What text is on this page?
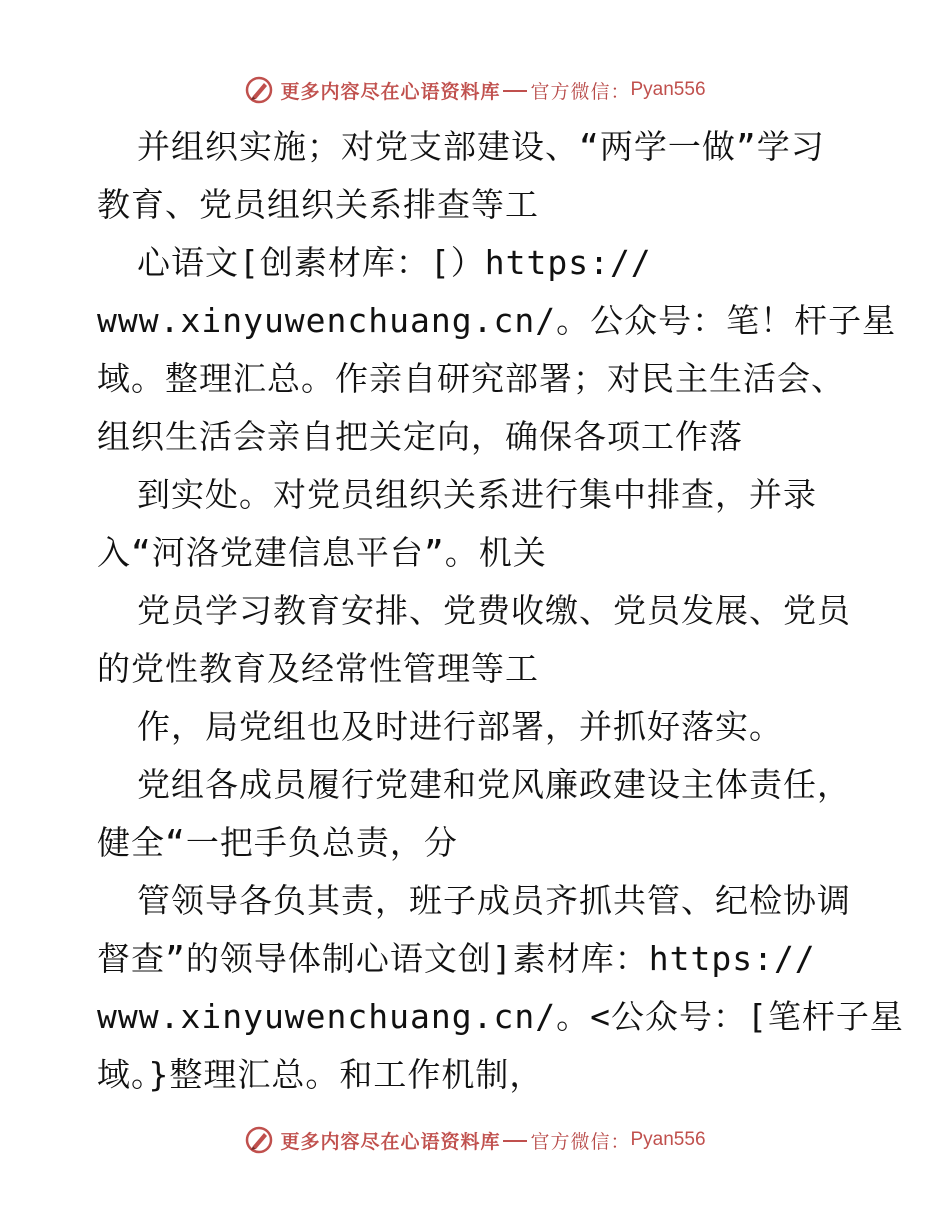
更多内容尽在心语资料库 官方微信： Pyan556
并组织实施；对党支部建设、“两学一做”学习
教育、党员组织关系排查等工
心语文[创素材库：[）https://
www.xinyuwenchuang.cn/。公众号：笔！杆子星
域。整理汇总。作亲自研究部署；对民主生活会、
组织生活会亲自把关定向，确保各项工作落
到实处。对党员组织关系进行集中排查，并录
入“河洛党建信息平台”。机关
党员学习教育安排、党费收缴、党员发展、党员
的党性教育及经常性管理等工
作，局党组也及时进行部署，并抓好落实。
党组各成员履行党建和党风廉政建设主体责任，
健全“一把手负总责，分
管领导各负其责，班子成员齐抓共管、纪检协调
督查”的领导体制心语文创]素材库：https://
www.xinyuwenchuang.cn/。<公众号：[笔杆子星
域。}整理汇总。和工作机制，
更多内容尽在心语资料库 官方微信： Pyan556
